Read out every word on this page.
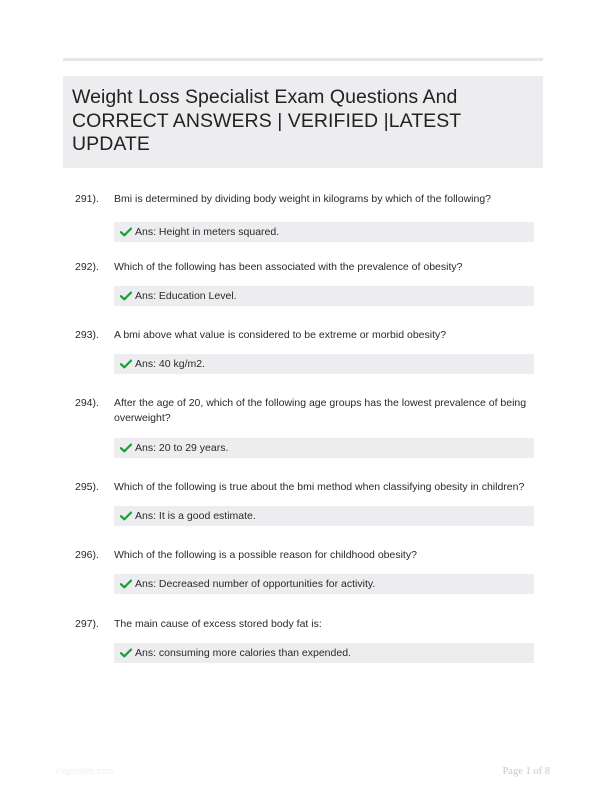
Weight Loss Specialist Exam Questions And
CORRECT ANSWERS | VERIFIED |LATEST
UPDATE
291). Bmi is determined by dividing body weight in kilograms by which of the following?
Ans: Height in meters squared.
292). Which of the following has been associated with the prevalence of obesity?
Ans: Education Level.
293). A bmi above what value is considered to be extreme or morbid obesity?
Ans: 40 kg/m2.
294). After the age of 20, which of the following age groups has the lowest prevalence of being overweight?
Ans: 20 to 29 years.
295). Which of the following is true about the bmi method when classifying obesity in children?
Ans: It is a good estimate.
296). Which of the following is a possible reason for childhood obesity?
Ans: Decreased number of opportunities for activity.
297). The main cause of excess stored body fat is:
Ans: consuming more calories than expended.
Paperbite.com	Page 1 of 8
